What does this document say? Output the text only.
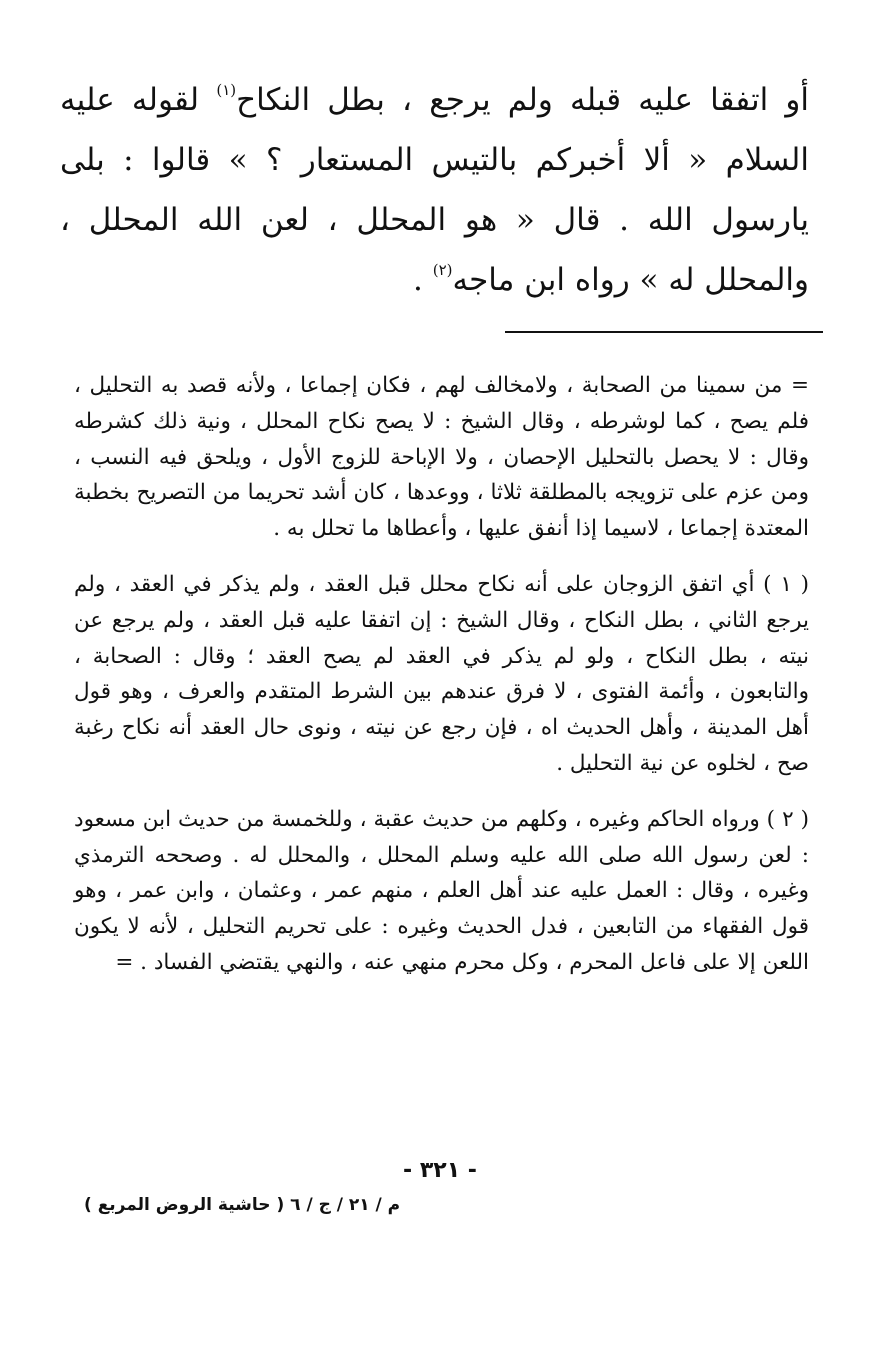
أو اتفقا عليه قبله ولم يرجع ، بطل النكاح$^{(١)}$ لقوله عليه السلام « ألا أخبركم بالتيس المستعار ؟ » قالوا : بلى يارسول الله . قال « هو المحلل ، لعن الله المحلل ، والمحلل له » رواه ابن ماجه$^{(٢)}$ .

= من سمينا من الصحابة ، ولامخالف لهم ، فكان إجماعا ، ولأنه قصد به التحليل ، فلم يصح ، كما لوشرطه ، وقال الشيخ : لا يصح نكاح المحلل ، ونية ذلك كشرطه وقال : لا يحصل بالتحليل الإحصان ، ولا الإباحة للزوج الأول ، ويلحق فيه النسب ، ومن عزم على تزويجه بالمطلقة ثلاثا ، ووعدها ، كان أشد تحريما من التصريح بخطبة المعتدة إجماعا ، لاسيما إذا أنفق عليها ، وأعطاها ما تحلل به .

( ١ ) أي اتفق الزوجان على أنه نكاح محلل قبل العقد ، ولم يذكر في العقد ، ولم يرجع الثاني ، بطل النكاح ، وقال الشيخ : إن اتفقا عليه قبل العقد ، ولم يرجع عن نيته ، بطل النكاح ، ولو لم يذكر في العقد لم يصح العقد ؛ وقال : الصحابة ، والتابعون ، وأئمة الفتوى ، لا فرق عندهم بين الشرط المتقدم والعرف ، وهو قول أهل المدينة ، وأهل الحديث اه ، فإن رجع عن نيته ، ونوى حال العقد أنه نكاح رغبة صح ، لخلوه عن نية التحليل .

( ٢ ) ورواه الحاكم وغيره ، وكلهم من حديث عقبة ، وللخمسة من حديث ابن مسعود : لعن رسول الله صلى الله عليه وسلم المحلل ، والمحلل له . وصححه الترمذي وغيره ، وقال : العمل عليه عند أهل العلم ، منهم عمر ، وعثمان ، وابن عمر ، وهو قول الفقهاء من التابعين ، فدل الحديث وغيره : على تحريم التحليل ، لأنه لا يكون اللعن إلا على فاعل المحرم ، وكل محرم منهي عنه ، والنهي يقتضي الفساد . =

- ٣٢١ -
م / ٢١ / ج / ٦ ( حاشية الروض المربع )
